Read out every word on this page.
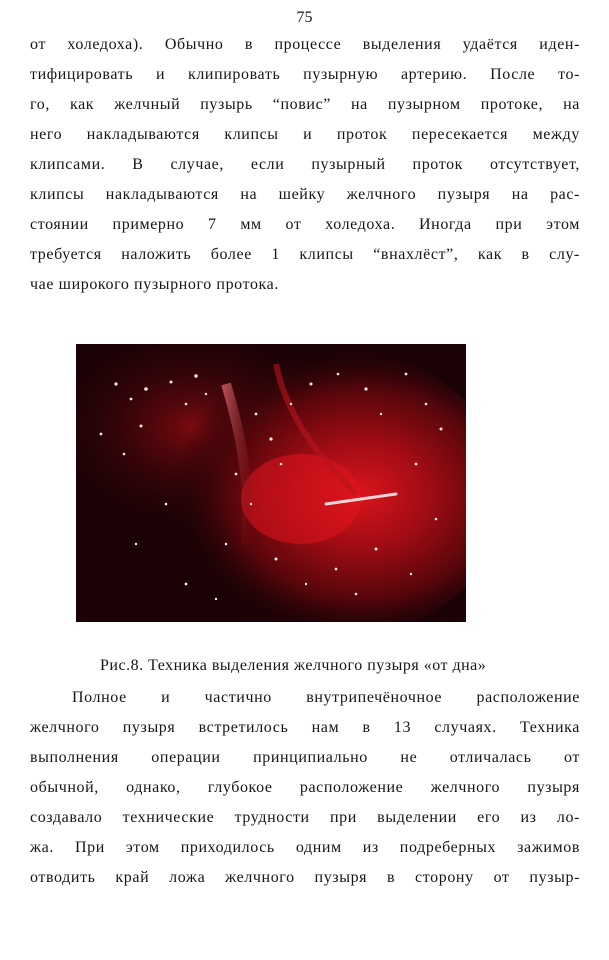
75
от холедоха). Обычно в процессе выделения удаётся иден-
тифицировать и клипировать пузырную артерию. После то-
го, как желчный пузырь “повис” на пузырном протоке, на
него накладываются клипсы и проток пересекается между
клипсами. В случае, если пузырный проток отсутствует,
клипсы накладываются на шейку желчного пузыря на рас-
стоянии примерно 7 мм от холедоха. Иногда при этом
требуется наложить более 1 клипсы “внахлёст”, как в слу-
чае широкого пузырного протока.
Рис.8. Техника выделения желчного пузыря «от дна»
Полное и частично внутрипечёночное расположение
желчного пузыря встретилось нам в 13 случаях. Техника
выполнения операции принципиально не отличалась от
обычной, однако, глубокое расположение желчного пузыря
создавало технические трудности при выделении его из ло-
жа. При этом приходилось одним из подреберных зажимов
отводить край ложа желчного пузыря в сторону от пузыр-
